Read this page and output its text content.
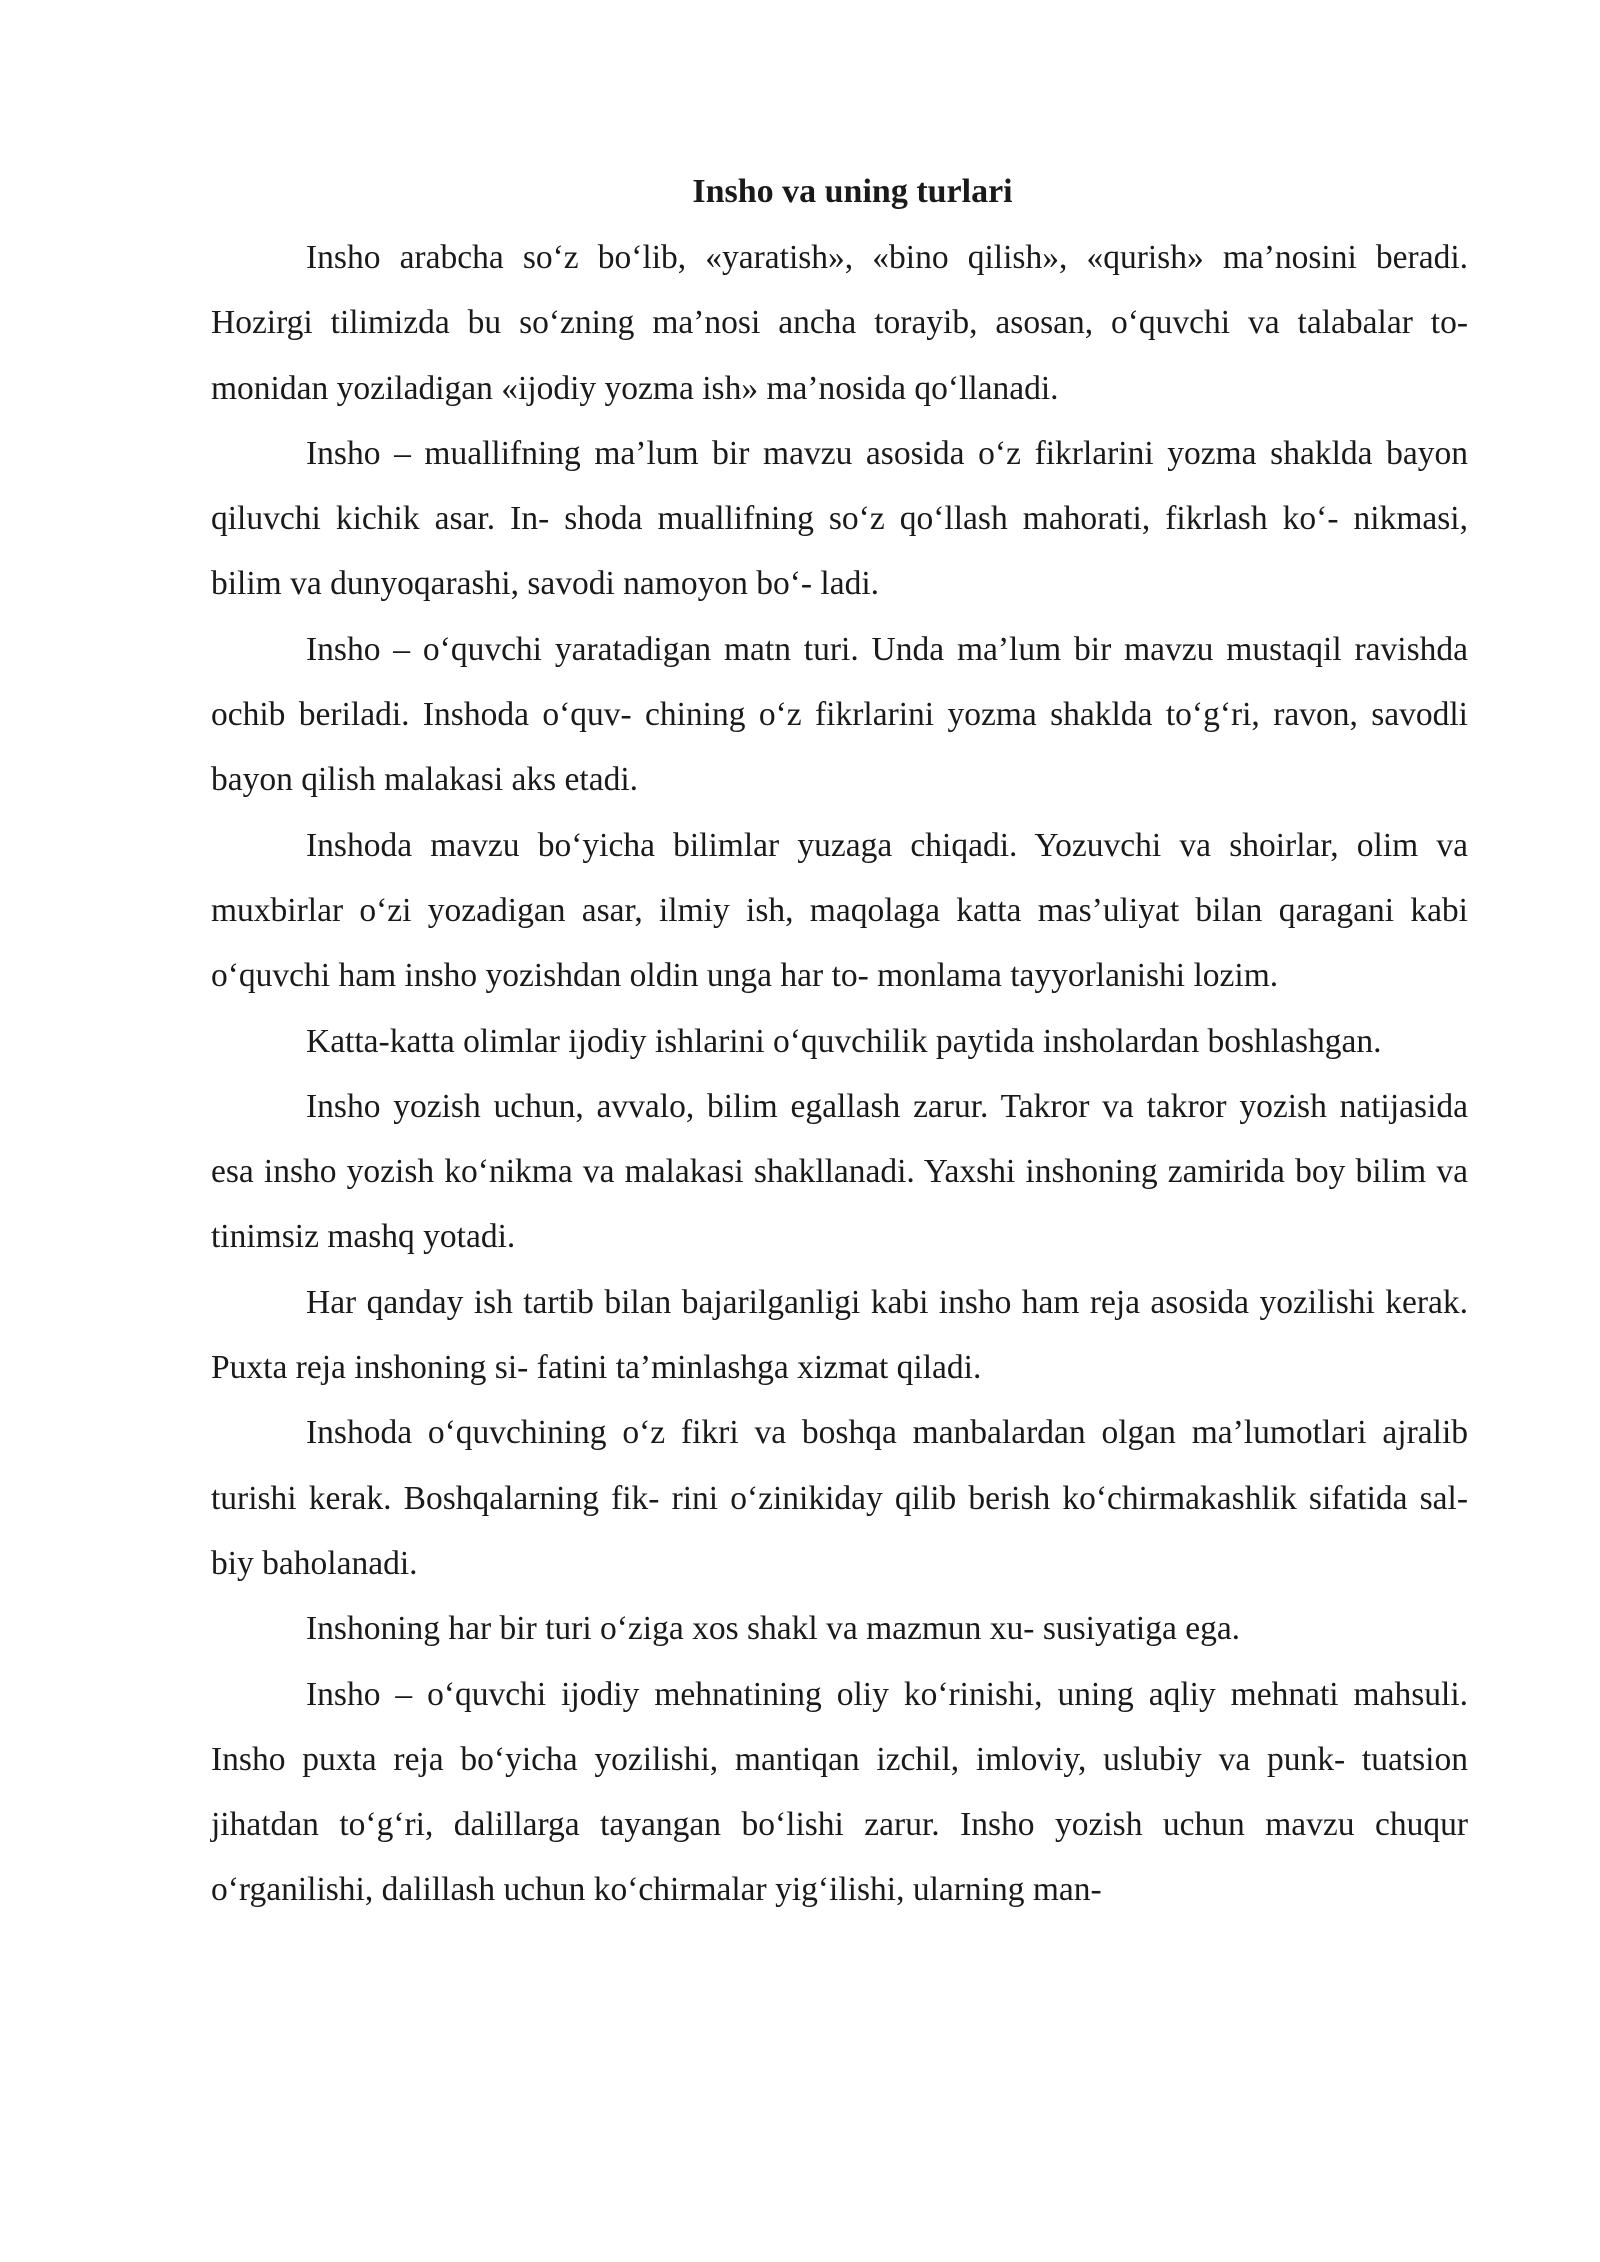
Insho va uning turlari

Insho arabcha so‘z bo‘lib, «yaratish», «bino qilish», «qurish» ma’nosini beradi. Hozirgi tilimizda bu so‘zning ma’nosi ancha torayib, asosan, o‘quvchi va talabalar to- monidan yoziladigan «ijodiy yozma ish» ma’nosida qo‘llanadi.

Insho – muallifning ma’lum bir mavzu asosida o‘z fikrlarini yozma shaklda bayon qiluvchi kichik asar. In- shoda muallifning so‘z qo‘llash mahorati, fikrlash ko‘- nikmasi, bilim va dunyoqarashi, savodi namoyon bo‘- ladi.

Insho – o‘quvchi yaratadigan matn turi. Unda ma’lum bir mavzu mustaqil ravishda ochib beriladi. Inshoda o‘quv- chining o‘z fikrlarini yozma shaklda to‘g‘ri, ravon, savodli bayon qilish malakasi aks etadi.

Inshoda mavzu bo‘yicha bilimlar yuzaga chiqadi. Yozuvchi va shoirlar, olim va muxbirlar o‘zi yozadigan asar, ilmiy ish, maqolaga katta mas’uliyat bilan qaragani kabi o‘quvchi ham insho yozishdan oldin unga har to- monlama tayyorlanishi lozim.

Katta-katta olimlar ijodiy ishlarini o‘quvchilik paytida insholardan boshlashgan.

Insho yozish uchun, avvalo, bilim egallash zarur. Takror va takror yozish natijasida esa insho yozish ko‘nikma va malakasi shakllanadi. Yaxshi inshoning zamirida boy bilim va tinimsiz mashq yotadi.

Har qanday ish tartib bilan bajarilganligi kabi insho ham reja asosida yozilishi kerak. Puxta reja inshoning si- fatini ta’minlashga xizmat qiladi.

Inshoda o‘quvchining o‘z fikri va boshqa manbalardan olgan ma’lumotlari ajralib turishi kerak. Boshqalarning fik- rini o‘zinikiday qilib berish ko‘chirmakashlik sifatida sal- biy baholanadi.

Inshoning har bir turi o‘ziga xos shakl va mazmun xu- susiyatiga ega.

Insho – o‘quvchi ijodiy mehnatining oliy ko‘rinishi, uning aqliy mehnati mahsuli. Insho puxta reja bo‘yicha yozilishi, mantiqan izchil, imloviy, uslubiy va punk- tuatsion jihatdan to‘g‘ri, dalillarga tayangan bo‘lishi zarur. Insho yozish uchun mavzu chuqur o‘rganilishi, dalillash uchun ko‘chirmalar yig‘ilishi, ularning man-
